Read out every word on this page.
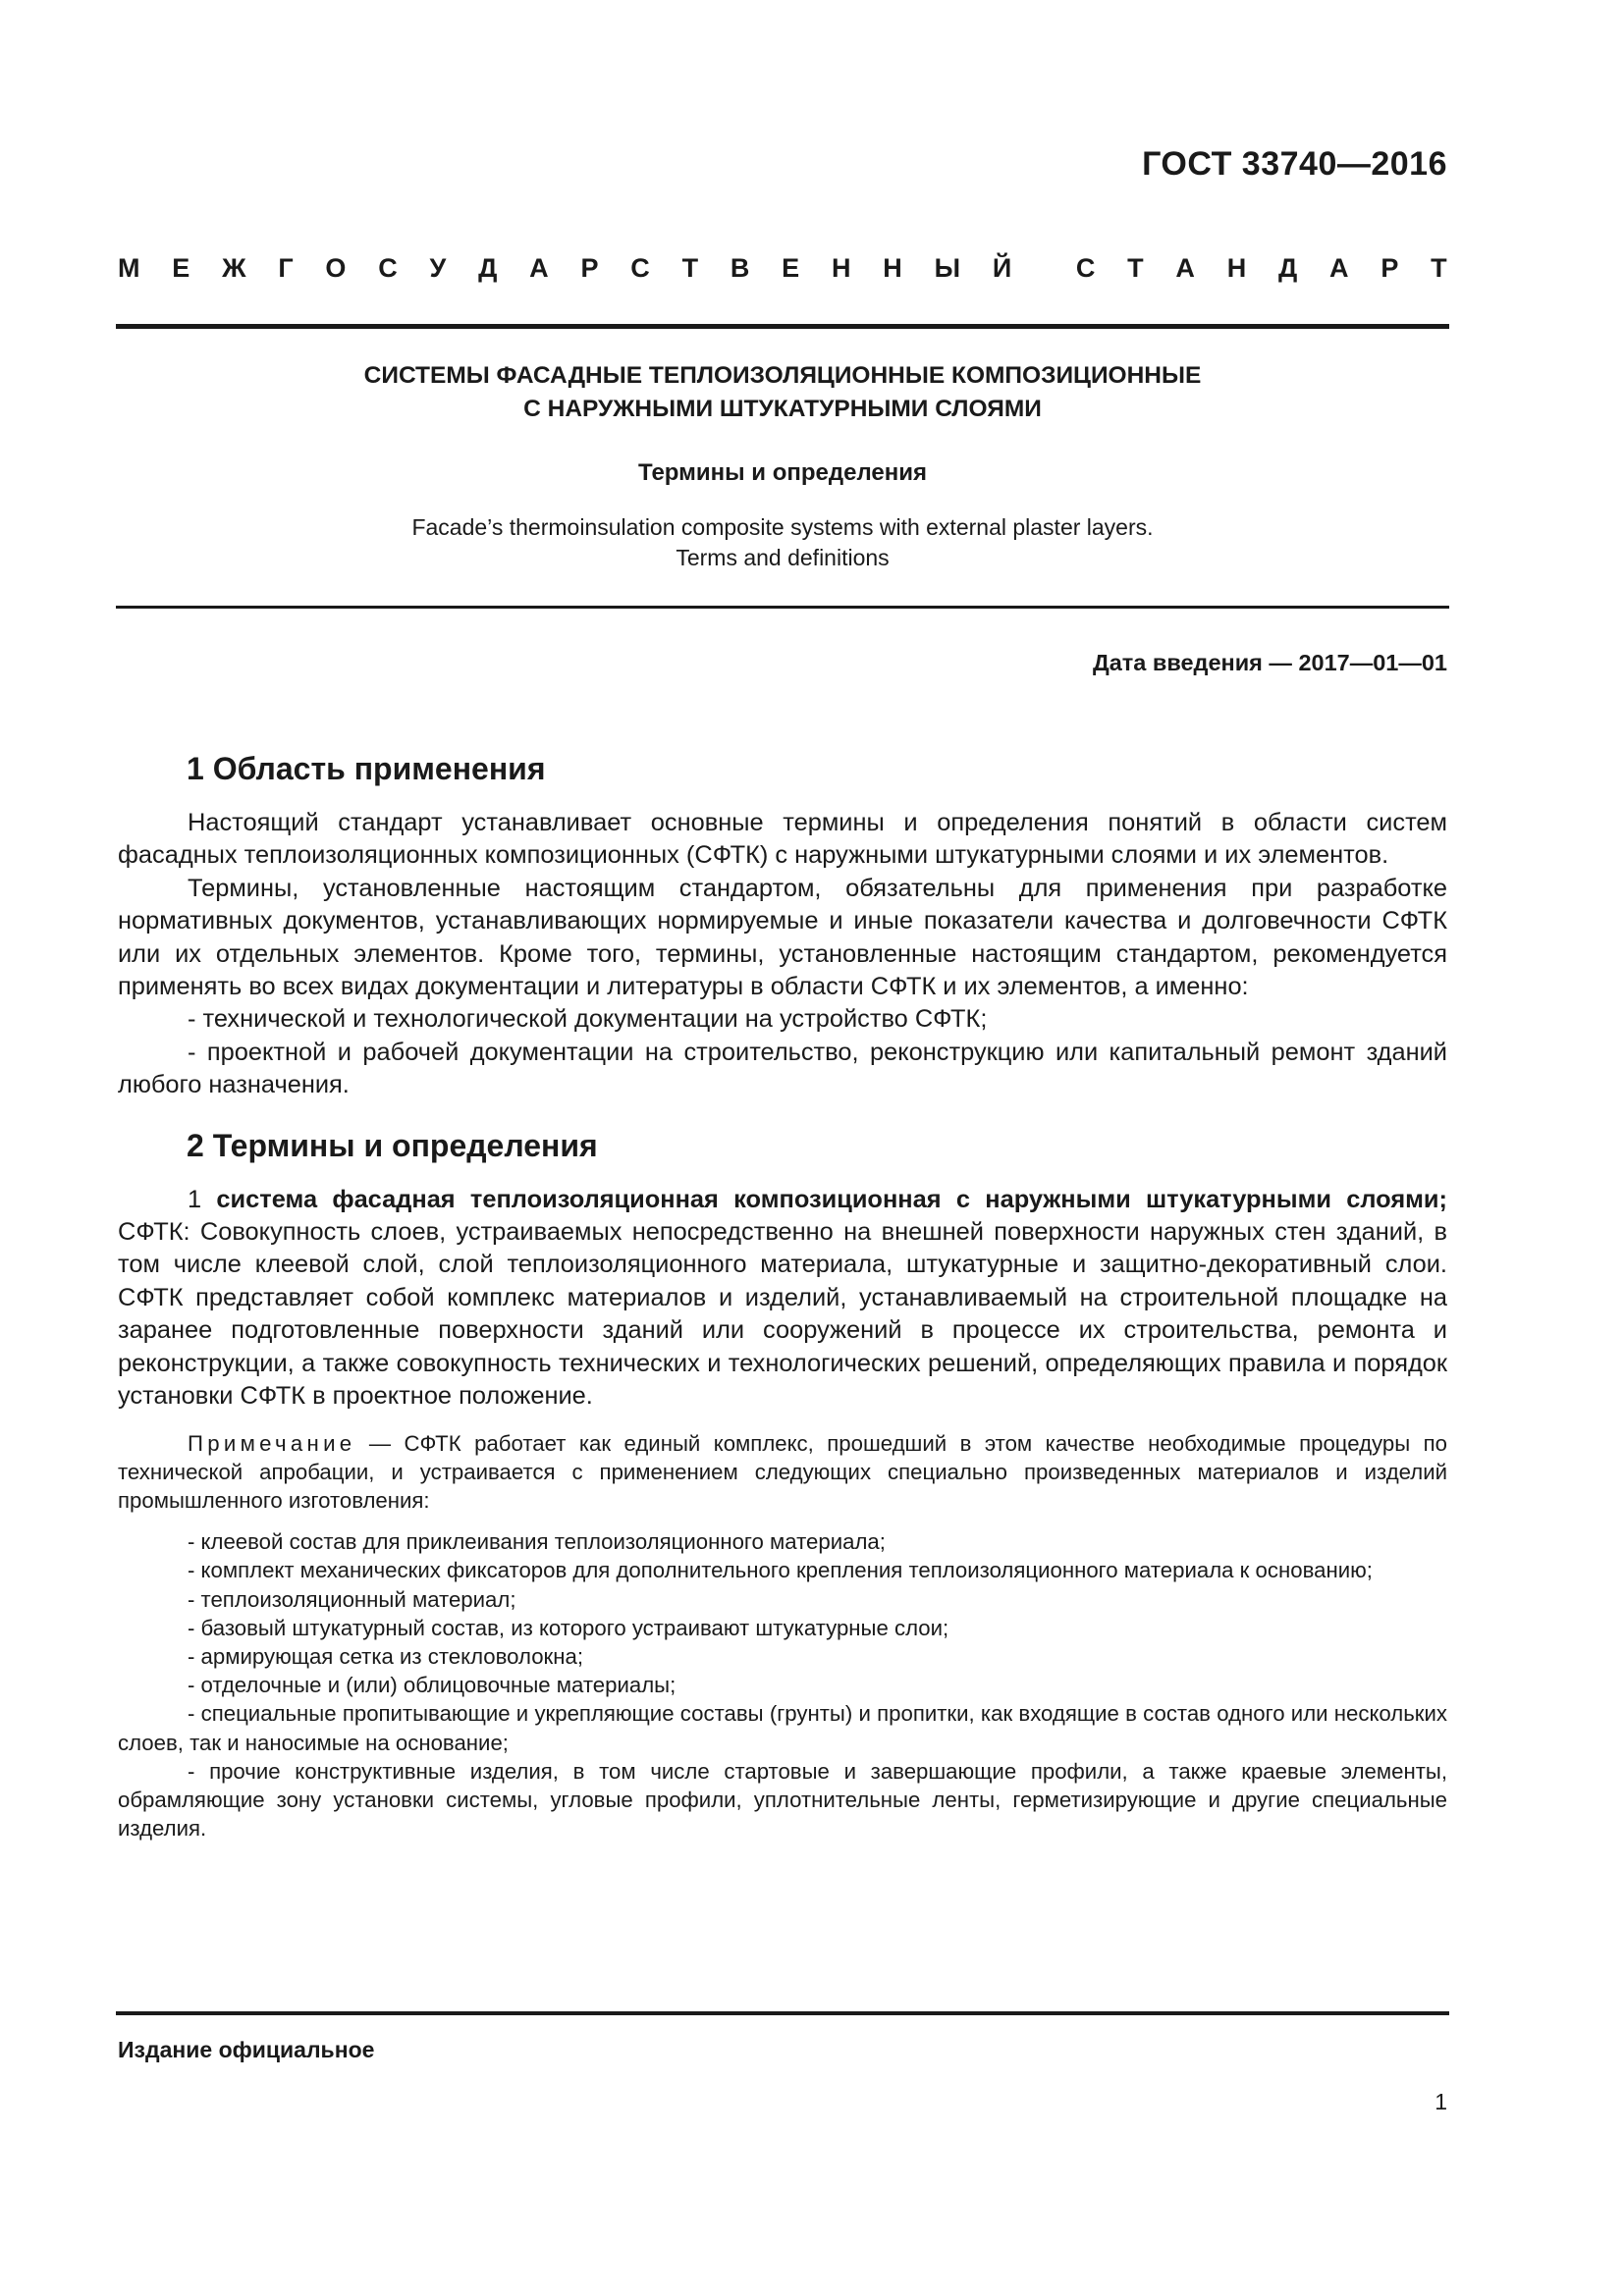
ГОСТ 33740—2016
М Е Ж Г О С У Д А Р С Т В Е Н Н Ы Й С Т А Н Д А Р Т
СИСТЕМЫ ФАСАДНЫЕ ТЕПЛОИЗОЛЯЦИОННЫЕ КОМПОЗИЦИОННЫЕ
С НАРУЖНЫМИ ШТУКАТУРНЫМИ СЛОЯМИ
Термины и определения
Facade’s thermoinsulation composite systems with external plaster layers.
Terms and definitions
Дата введения — 2017—01—01
1 Область применения

Настоящий стандарт устанавливает основные термины и определения понятий в области систем фасадных теплоизоляционных композиционных (СФТК) с наружными штукатурными слоями и их элементов.

Термины, установленные настоящим стандартом, обязательны для применения при разработке нормативных документов, устанавливающих нормируемые и иные показатели качества и долговечности СФТК или их отдельных элементов. Кроме того, термины, установленные настоящим стандартом, рекомендуется применять во всех видах документации и литературы в области СФТК и их элементов, а именно:

- технической и технологической документации на устройство СФТК;

- проектной и рабочей документации на строительство, реконструкцию или капитальный ремонт зданий любого назначения.

2 Термины и определения

1 система фасадная теплоизоляционная композиционная с наружными штукатурными слоями; СФТК: Совокупность слоев, устраиваемых непосредственно на внешней поверхности наружных стен зданий, в том числе клеевой слой, слой теплоизоляционного материала, штукатурные и защитно-декоративный слои. СФТК представляет собой комплекс материалов и изделий, устанавливаемый на строительной площадке на заранее подготовленные поверхности зданий или сооружений в процессе их строительства, ремонта и реконструкции, а также совокупность технических и технологических решений, определяющих правила и порядок установки СФТК в проектное положение.

Примечание — СФТК работает как единый комплекс, прошедший в этом качестве необходимые процедуры по технической апробации, и устраивается с применением следующих специально произведенных материалов и изделий промышленного изготовления:

- клеевой состав для приклеивания теплоизоляционного материала;

- комплект механических фиксаторов для дополнительного крепления теплоизоляционного материала к основанию;

- теплоизоляционный материал;

- базовый штукатурный состав, из которого устраивают штукатурные слои;

- армирующая сетка из стекловолокна;

- отделочные и (или) облицовочные материалы;

- специальные пропитывающие и укрепляющие составы (грунты) и пропитки, как входящие в состав одного или нескольких слоев, так и наносимые на основание;

- прочие конструктивные изделия, в том числе стартовые и завершающие профили, а также краевые элементы, обрамляющие зону установки системы, угловые профили, уплотнительные ленты, герметизирующие и другие специальные изделия.

Издание официальное
1
